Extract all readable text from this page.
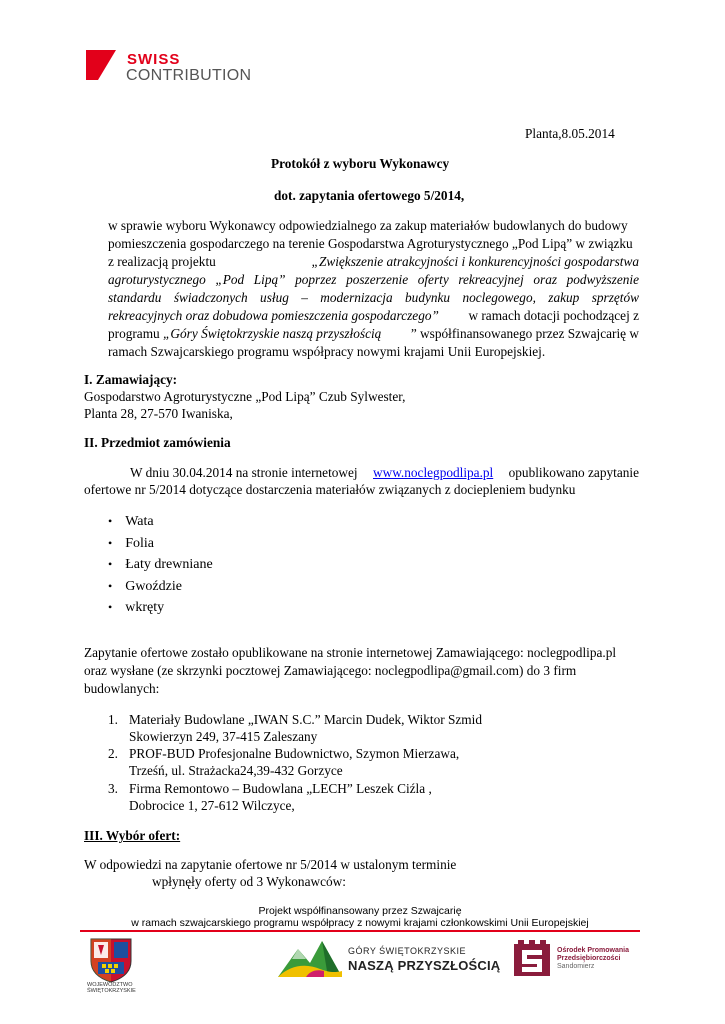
SWISS
CONTRIBUTION
Planta,8.05.2014
Protokół z wyboru Wykonawcy
dot. zapytania ofertowego 5/2014,
w sprawie wyboru Wykonawcy odpowiedzialnego za zakup materiałów budowlanych do budowy
pomieszczenia gospodarczego na terenie Gospodarstwa Agroturystycznego „Pod Lipą” w związku
z realizacją projektu	„Zwiększenie atrakcyjności i konkurencyjności gospodarstwa
agroturystycznego „Pod Lipą” poprzez poszerzenie oferty rekreacyjnej oraz podwyższenie
standardu świadczonych usług – modernizacja budynku noclegowego, zakup sprzętów
rekreacyjnych oraz dobudowa pomieszczenia gospodarczego” w ramach dotacji pochodzącej z
programu „Góry Świętokrzyskie naszą przyszłością ” współfinansowanego przez Szwajcarię w
ramach Szwajcarskiego programu współpracy nowymi krajami Unii Europejskiej.
I. Zamawiający:
Gospodarstwo Agroturystyczne „Pod Lipą” Czub Sylwester,
Planta 28, 27-570 Iwaniska,
II. Przedmiot zamówienia
W dniu 30.04.2014 na stronie internetowej www.noclegpodlipa.pl opublikowano zapytanie
ofertowe nr 5/2014 dotyczące dostarczenia materiałów związanych z dociepleniem budynku
• Wata
• Folia
• Łaty drewniane
• Gwoździe
• wkręty
Zapytanie ofertowe zostało opublikowane na stronie internetowej Zamawiającego: noclegpodlipa.pl
oraz wysłane (ze skrzynki pocztowej Zamawiającego: noclegpodlipa@gmail.com) do 3 firm
budowlanych:
1. Materiały Budowlane „IWAN S.C.” Marcin Dudek, Wiktor Szmid
Skowierzyn 249, 37-415 Zaleszany
2. PROF-BUD Profesjonalne Budownictwo, Szymon Mierzawa,
Trześń, ul. Strażacka24,39-432 Gorzyce
3. Firma Remontowo – Budowlana „LECH” Leszek Ciźla ,
Dobrocice 1, 27-612 Wilczyce,
III. Wybór ofert:
W odpowiedzi na zapytanie ofertowe nr 5/2014 w ustalonym terminie
wpłynęły oferty od 3 Wykonawców:
Projekt współfinansowany przez Szwajcarię
w ramach szwajcarskiego programu współpracy z nowymi krajami członkowskimi Unii Europejskiej
WOJEWÓDZTWO
ŚWIĘTOKRZYSKIE
GÓRY ŚWIĘTOKRZYSKIE
NASZĄ PRZYSZŁOŚCIĄ
Ośrodek Promowania
Przedsiębiorczości
Sandomierz
